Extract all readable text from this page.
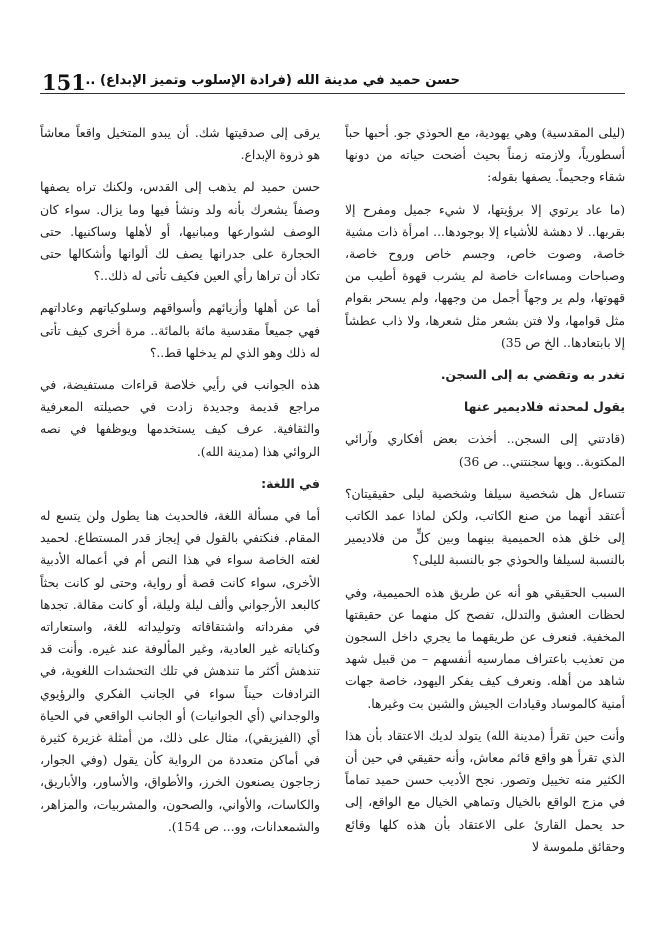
151 حسن حميد في مدينة الله (فرادة الإسلوب وتميز الإبداع) ..

(ليلى المقدسية) وهي يهودية، مع الحوذي جو. أحبها حباً أسطورياً، ولازمته زمناً بحيث أضحت حياته من دونها شقاء وجحيماً. يصفها بقوله:

(ما عاد يرتوي إلا برؤيتها، لا شيء جميل ومفرح إلا بقربها.. لا دهشة للأشياء إلا بوجودها... امرأة ذات مشية خاصة، وصوت خاص، وجسم خاص وروح خاصة، وصباحات ومساءات خاصة لم يشرب قهوة أطيب من قهوتها، ولم ير وجهاً أجمل من وجهها، ولم يسحر بقوام مثل قوامها، ولا فتن بشعر مثل شعرها، ولا ذاب عطشاً إلا بابتعادها.. الخ ص 35)

تغدر به وتقضي به إلى السجن.

يقول لمحدثه فلاديمير عنها

(قادتني إلى السجن.. أخذت بعض أفكاري وآرائي المكتوبة.. وبها سجنتني.. ص 36)

تتساءل هل شخصية سيلفا وشخصية ليلى حقيقيتان؟ أعتقد أنهما من صنع الكاتب، ولكن لماذا عمد الكاتب إلى خلق هذه الحميمية بينهما وبين كلٍّ من فلاديمير بالنسبة لسيلفا والحوذي جو بالنسبة لليلى؟

السبب الحقيقي هو أنه عن طريق هذه الحميمية، وفي لحظات العشق والتدلل، تفصح كل منهما عن حقيقتها المخفية. فنعرف عن طريقهما ما يجري داخل السجون من تعذيب باعتراف ممارسيه أنفسهم – من قبيل شهد شاهد من أهله. ونعرف كيف يفكر اليهود، خاصة جهات أمنية كالموساد وقيادات الجيش والشين بت وغيرها.

وأنت حين تقرأ (مدينة الله) يتولد لديك الاعتقاد بأن هذا الذي تقرأ هو واقع قائم معاش، وأنه حقيقي في حين أن الكثير منه تخييل وتصور. نجح الأديب حسن حميد تماماً في مزج الواقع بالخيال وتماهي الخيال مع الواقع، إلى حد يحمل القارئ على الاعتقاد بأن هذه كلها وقائع وحقائق ملموسة لا

يرقى إلى صدقيتها شك. أن يبدو المتخيل واقعاً معاشاً هو ذروة الإبداع.

حسن حميد لم يذهب إلى القدس، ولكنك تراه يصفها وصفاً يشعرك بأنه ولد ونشأ فيها وما يزال. سواء كان الوصف لشوارعها ومبانيها، أو لأهلها وساكنيها. حتى الحجارة على جدرانها يصف لك ألوانها وأشكالها حتى تكاد أن تراها رأي العين فكيف تأتى له ذلك..؟

أما عن أهلها وأزيائهم وأسواقهم وسلوكياتهم وعاداتهم فهي جميعاً مقدسية مائة بالمائة.. مرة أخرى كيف تأتى له ذلك وهو الذي لم يدخلها قط..؟

هذه الجوانب في رأيي خلاصة قراءات مستفيضة، في مراجع قديمة وجديدة زادت في حصيلته المعرفية والثقافية. عرف كيف يستخدمها ويوظفها في نصه الروائي هذا (مدينة الله).

في اللغة:

أما في مسألة اللغة، فالحديث هنا يطول ولن يتسع له المقام. فنكتفي بالقول في إيجاز قدر المستطاع. لحميد لغته الخاصة سواء في هذا النص أم في أعماله الأدبية الأخرى، سواء كانت قصة أو رواية، وحتى لو كانت بحثاً كالبعد الأرجواني وألف ليلة وليلة، أو كانت مقالة. تجدها في مفرداته واشتقاقاته وتوليداته للغة، واستعاراته وكناياته غير العادية، وغير المألوفة عند غيره. وأنت قد تندهش أكثر ما تندهش في تلك التحشدات اللغوية، في الترادفات حيناً سواء في الجانب الفكري والرؤيوي والوجداني (أي الجوانيات) أو الجانب الواقعي في الحياة أي (الفيزيقي)، مثال على ذلك، من أمثلة غزيرة كثيرة في أماكن متعددة من الرواية كأن يقول (وفي الجوار، زجاجون يصنعون الخرز، والأطواق، والأساور، والأباريق، والكاسات، والأواني، والصحون، والمشربيات، والمزاهر، والشمعدانات، وو... ص 154).
